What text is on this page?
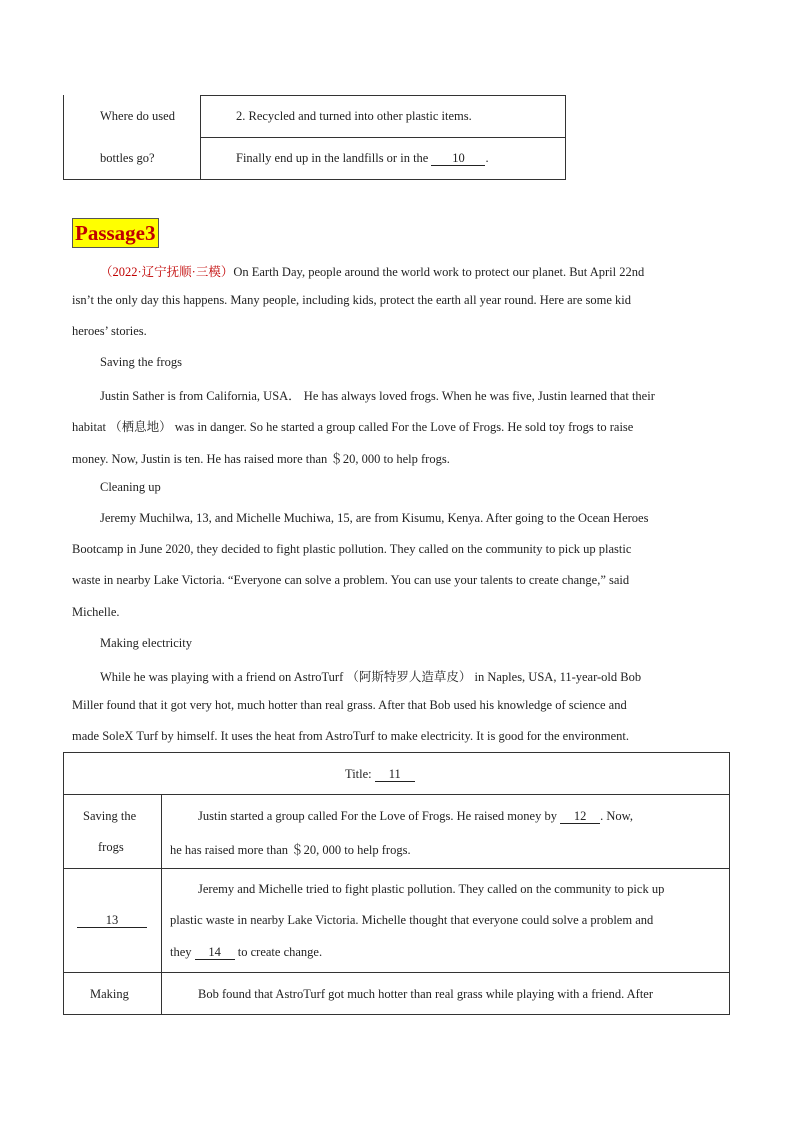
Where do used
bottles go?
2. Recycled and turned into other plastic items.
Finally end up in the landfills or in the 10 .
Passage3
（2022·辽宁抚顺·三模）On Earth Day, people around the world work to protect our planet. But April 22nd
isn’t the only day this happens. Many people, including kids, protect the earth all year round. Here are some kid
heroes’ stories.
Saving the frogs
Justin Sather is from California, USA． He has always loved frogs. When he was five, Justin learned that their
habitat （栖息地） was in danger. So he started a group called For the Love of Frogs. He sold toy frogs to raise
money. Now, Justin is ten. He has raised more than ＄20, 000 to help frogs.
Cleaning up
Jeremy Muchilwa, 13, and Michelle Muchiwa, 15, are from Kisumu, Kenya. After going to the Ocean Heroes
Bootcamp in June 2020, they decided to fight plastic pollution. They called on the community to pick up plastic
waste in nearby Lake Victoria. “Everyone can solve a problem. You can use your talents to create change,” said
Michelle.
Making electricity
While he was playing with a friend on AstroTurf （阿斯特罗人造草皮） in Naples, USA, 11-year-old Bob
Miller found that it got very hot, much hotter than real grass. After that Bob used his knowledge of science and
made SoleX Turf by himself. It uses the heat from AstroTurf to make electricity. It is good for the environment.
Title: 11
Saving the
frogs
Justin started a group called For the Love of Frogs. He raised money by 12 . Now,
he has raised more than ＄20, 000 to help frogs.
13
Jeremy and Michelle tried to fight plastic pollution. They called on the community to pick up
plastic waste in nearby Lake Victoria. Michelle thought that everyone could solve a problem and
they 14 to create change.
Making	Bob found that AstroTurf got much hotter than real grass while playing with a friend. After
